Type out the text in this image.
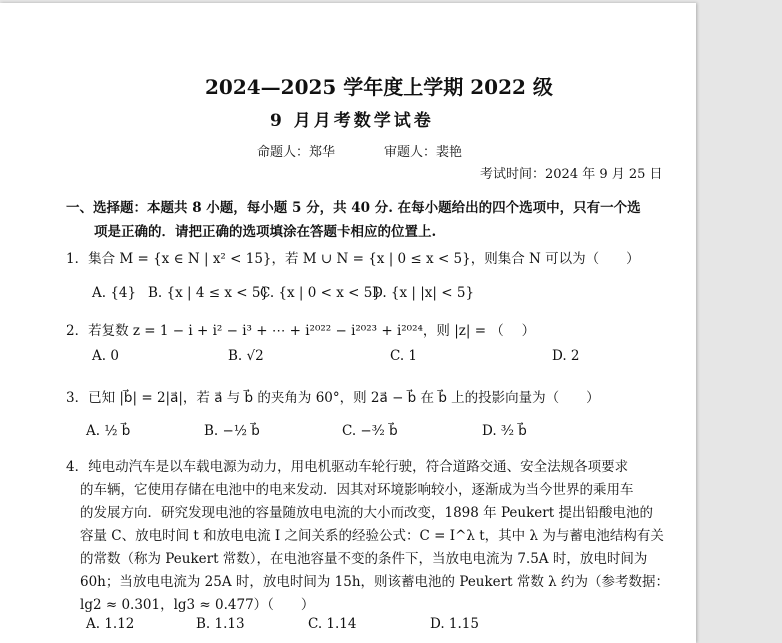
2024—2025 学年度上学期 2022 级
9 月月考数学试卷
命题人：郑华	审题人：裴艳
考试时间：2024 年 9 月 25 日
一、选择题：本题共 8 小题，每小题 5 分，共 40 分. 在每小题给出的四个选项中，只有一个选
项是正确的．请把正确的选项填涂在答题卡相应的位置上.
1．集合 M = {x ∈ N | x² < 15}，若 M ∪ N = {x | 0 ≤ x < 5}，则集合 N 可以为（　　）
A. {4} B. {x | 4 ≤ x < 5}
C. {x | 0 < x < 5}
D. {x | |x| < 5}
2．若复数 z = 1 − i + i² − i³ + ⋯ + i²⁰²² − i²⁰²³ + i²⁰²⁴，则 |z| = （　 ）
A. 0	B. √2	C. 1	D. 2
3．已知 |b⃗| = 2|a⃗|，若 a⃗ 与 b⃗ 的夹角为 60°，则 2a⃗ − b⃗ 在 b⃗ 上的投影向量为（　　）
A. ½ b⃗	B. −½ b⃗	C. −³⁄₂ b⃗	D. ³⁄₂ b⃗
4．纯电动汽车是以车载电源为动力，用电机驱动车轮行驶，符合道路交通、安全法规各项要求
的车辆，它使用存储在电池中的电来发动．因其对环境影响较小，逐渐成为当今世界的乘用车
的发展方向．研究发现电池的容量随放电电流的大小而改变，1898 年 Peukert 提出铅酸电池的
容量 C、放电时间 t 和放电电流 I 之间关系的经验公式：C = I^λ t，其中 λ 为与蓄电池结构有关
的常数（称为 Peukert 常数），在电池容量不变的条件下，当放电电流为 7.5A 时，放电时间为
60h；当放电电流为 25A 时，放电时间为 15h，则该蓄电池的 Peukert 常数 λ 约为（参考数据：
lg2 ≈ 0.301，lg3 ≈ 0.477）（　　）
A. 1.12	B. 1.13	C. 1.14	D. 1.15
